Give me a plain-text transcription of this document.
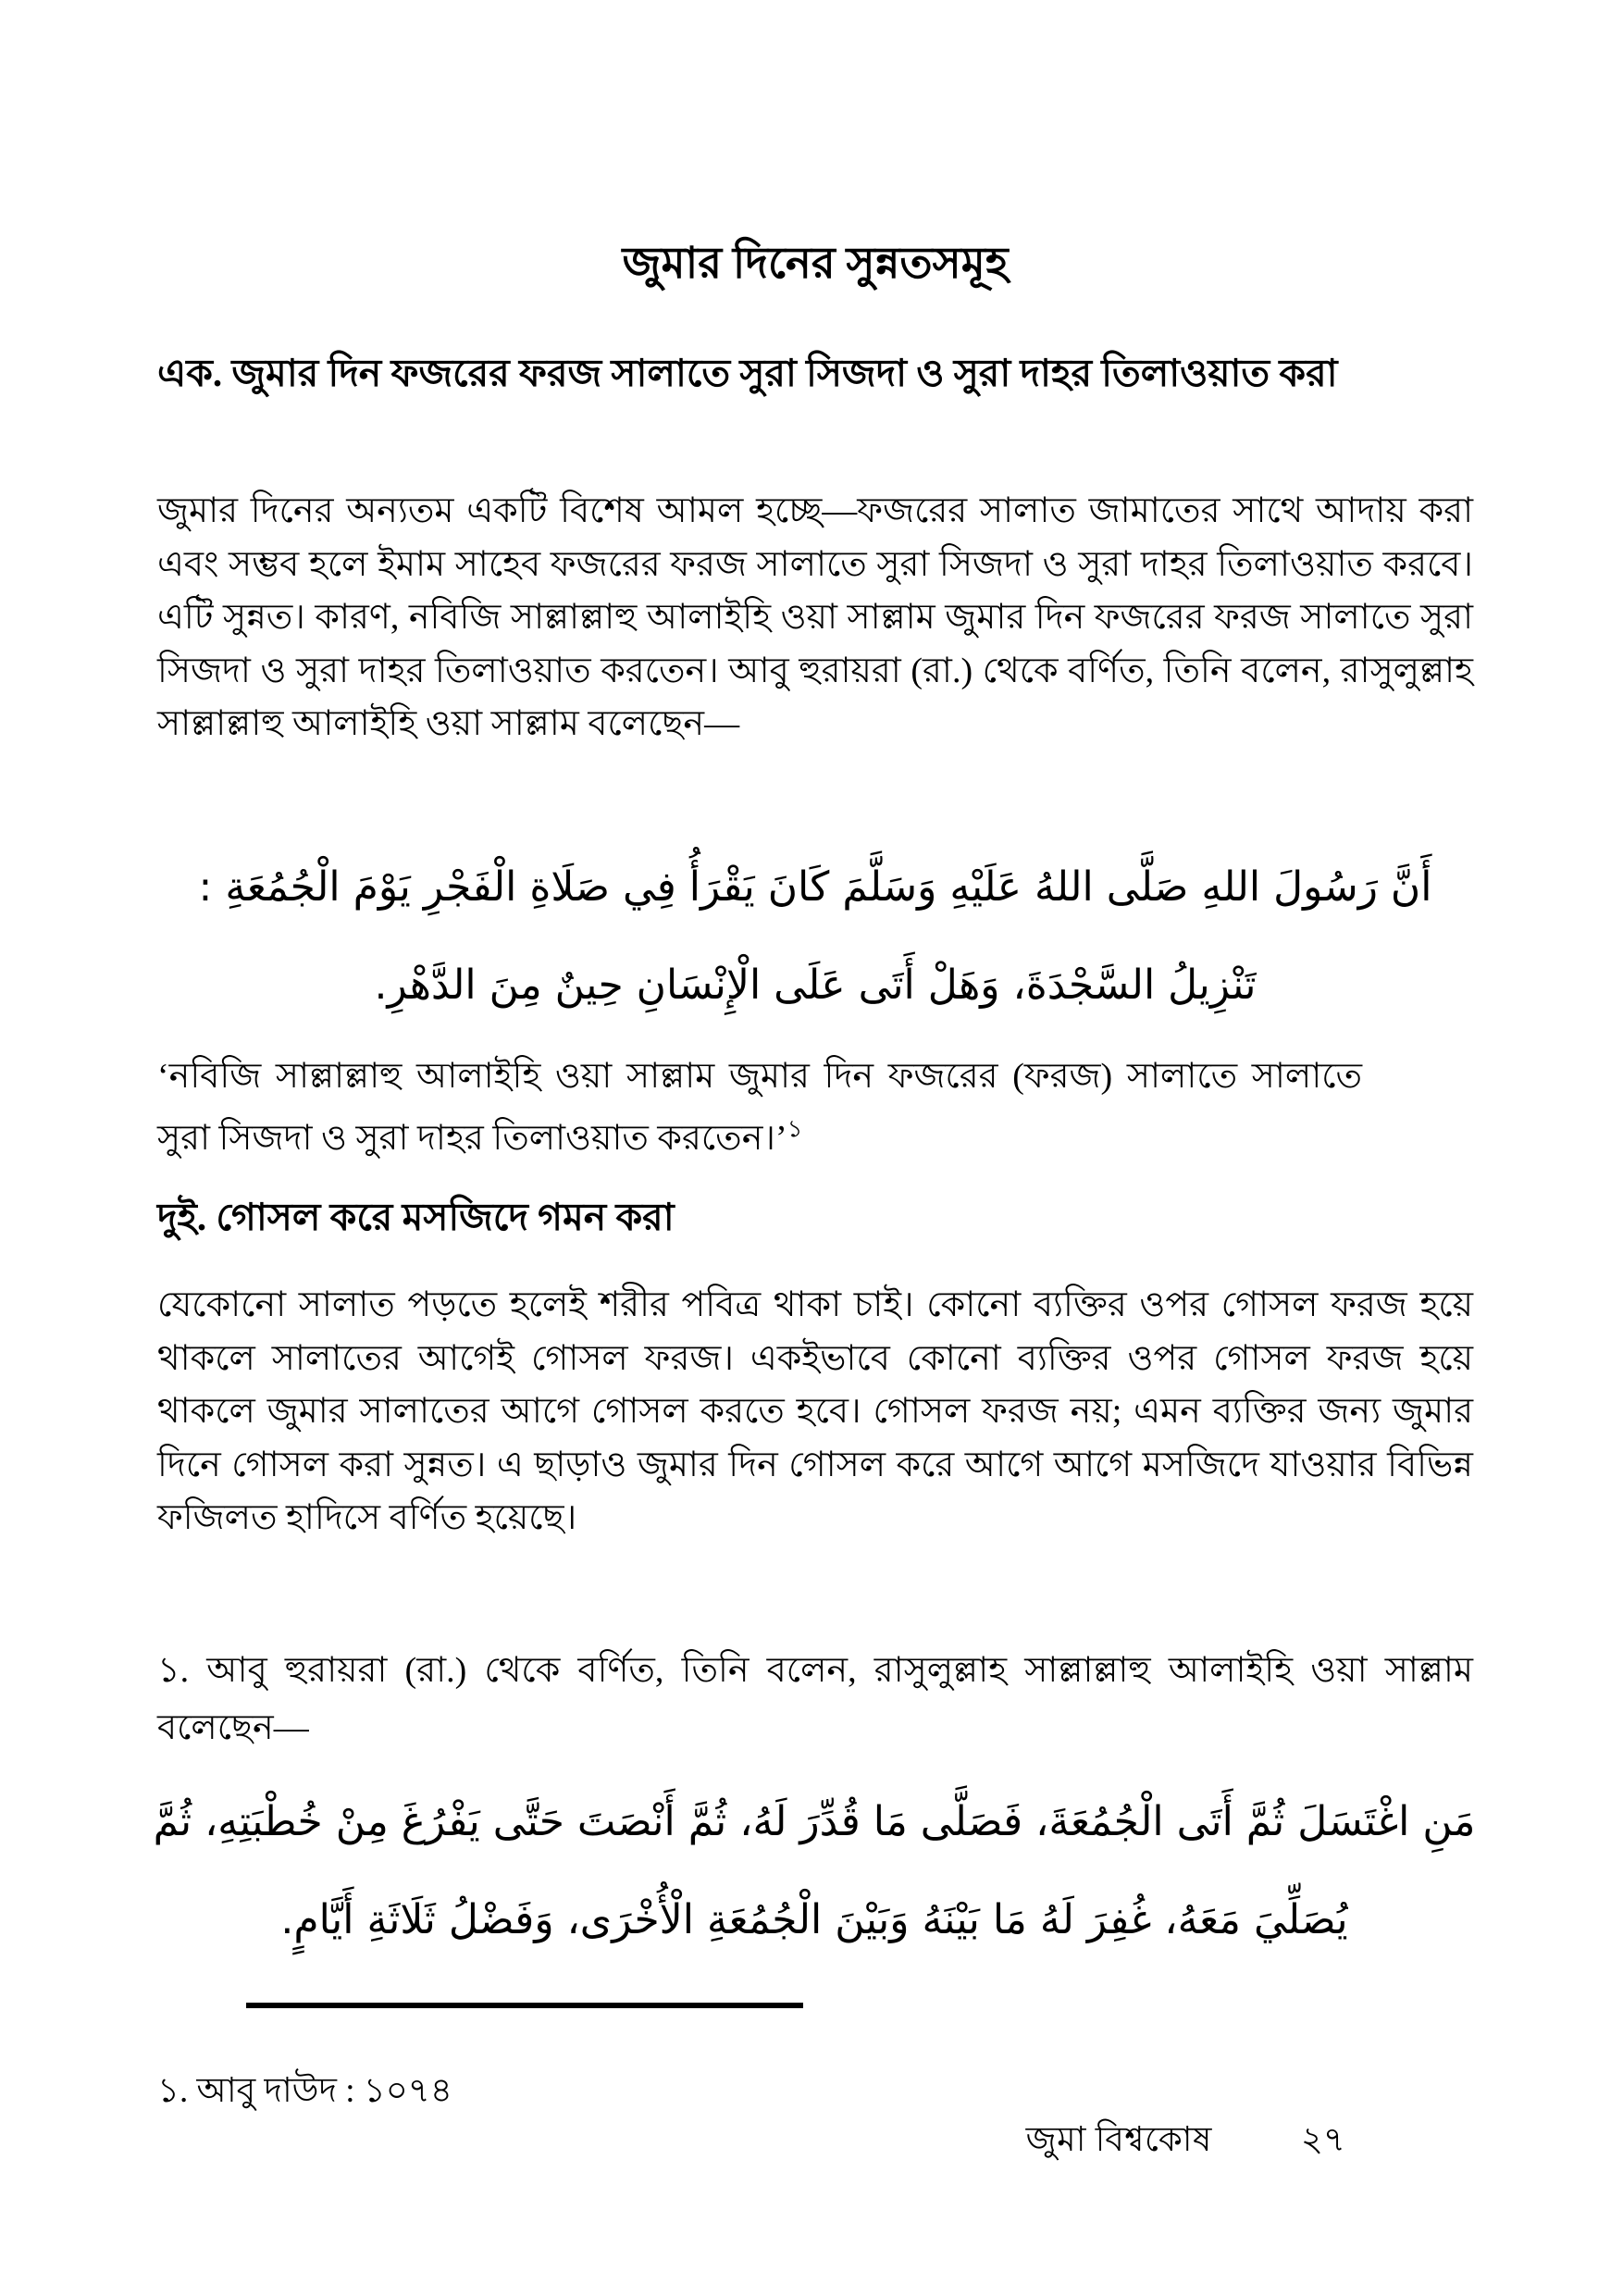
জুমার দিনের সুন্নতসমূহ
এক. জুমার দিন ফজরের ফরজ সালাতে সুরা সিজদা ও সুরা দাহর তিলাওয়াত করা

জুমার দিনের অন্যতম একটি বিশেষ আমল হচ্ছে—ফজরের সালাত জামাতের সাথে আদায় করা এবং সম্ভব হলে ইমাম সাহেব ফজরের ফরজ সালাতে সুরা সিজদা ও সুরা দাহর তিলাওয়াত করবে। এটি সুন্নত। কারণ, নবিজি সাল্লাল্লাহু আলাইহি ওয়া সাল্লাম জুমার দিন ফজরের ফরজ সালাতে সুরা সিজদা ও সুরা দাহর তিলাওয়াত করতেন। আবু হুরায়রা (রা.) থেকে বর্ণিত, তিনি বলেন, রাসুলুল্লাহ সাল্লাল্লাহু আলাইহি ওয়া সাল্লাম বলেছেন—

أَنَّ رَسُولَ اللهِ صَلَّى اللهُ عَلَيْهِ وَسَلَّمَ كَانَ يَقْرَأُ فِي صَلَاةِ الْفَجْرِ يَوْمَ الْجُمُعَةِ : تَنْزِيلُ السَّجْدَةَ، وَهَلْ أَتَى عَلَى الْإِنْسَانِ حِينٌ مِنَ الدَّهْرِ.

‘নবিজি সাল্লাল্লাহু আলাইহি ওয়া সাল্লাম জুমার দিন ফজরের (ফরজ) সালাতে সালাতে সুরা সিজদা ও সুরা দাহর তিলাওয়াত করতেন।’$^১$

দুই. গোসল করে মসজিদে গমন করা

যেকোনো সালাত পড়তে হলেই শরীর পবিত্র থাকা চাই। কোনো ব্যক্তির ওপর গোসল ফরজ হয়ে থাকলে সালাতের আগেই গোসল ফরজ। একইভাবে কোনো ব্যক্তির ওপর গোসল ফরজ হয়ে থাকলে জুমার সালাতের আগে গোসল করতে হবে। গোসল ফরজ নয়; এমন ব্যক্তির জন্য জুমার দিনে গোসল করা সুন্নত। এ ছাড়াও জুমার দিন গোসল করে আগে আগে মসজিদে যাওয়ার বিভিন্ন ফজিলত হাদিসে বর্ণিত হয়েছে।

১. আবু হুরায়রা (রা.) থেকে বর্ণিত, তিনি বলেন, রাসুলুল্লাহ সাল্লাল্লাহু আলাইহি ওয়া সাল্লাম বলেছেন—

مَنِ اغْتَسَلَ ثُمَّ أَتَى الْجُمُعَةَ، فَصَلَّى مَا قُدِّرَ لَهُ، ثُمَّ أَنْصَتَ حَتَّى يَفْرُغَ مِنْ خُطْبَتِهِ، ثُمَّ يُصَلِّيَ مَعَهُ، غُفِرَ لَهُ مَا بَيْنَهُ وَبَيْنَ الْجُمُعَةِ الْأُخْرَى، وَفَضْلُ ثَلَاثَةِ أَيَّامٍ.

১. আবু দাউদ : ১০৭৪

জুমা বিশ্বকোষ	২৭
